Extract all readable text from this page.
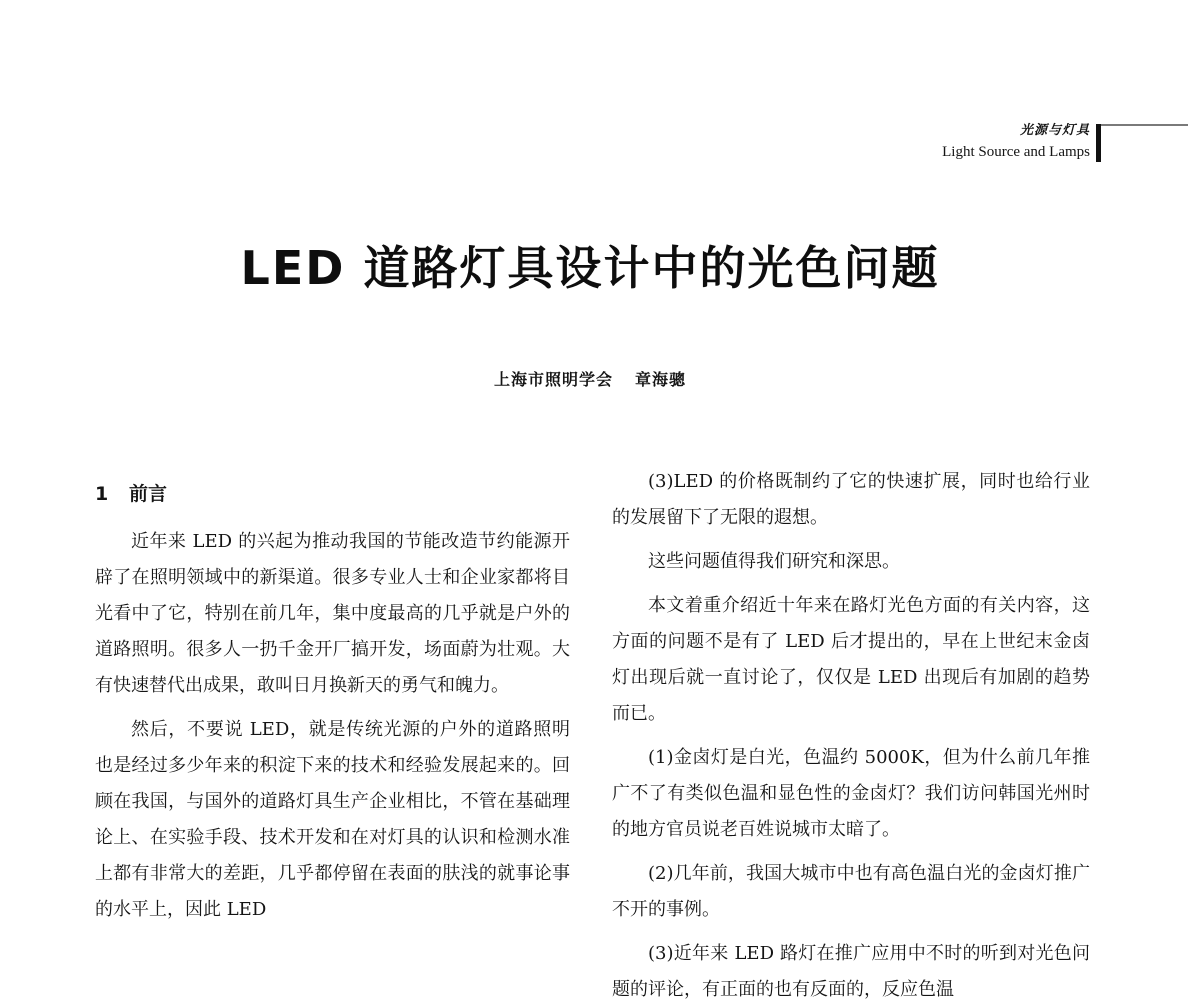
光源与灯具
Light Source and Lamps
LED 道路灯具设计中的光色问题
上海市照明学会 章海骢
1 前言

近年来 LED 的兴起为推动我国的节能改造节约能源开辟了在照明领域中的新渠道。很多专业人士和企业家都将目光看中了它，特别在前几年，集中度最高的几乎就是户外的道路照明。很多人一扔千金开厂搞开发，场面蔚为壮观。大有快速替代出成果，敢叫日月换新天的勇气和魄力。

然后，不要说 LED，就是传统光源的户外的道路照明也是经过多少年来的积淀下来的技术和经验发展起来的。回顾在我国，与国外的道路灯具生产企业相比，不管在基础理论上、在实验手段、技术开发和在对灯具的认识和检测水准上都有非常大的差距，几乎都停留在表面的肤浅的就事论事的水平上，因此 LED

(3)LED 的价格既制约了它的快速扩展，同时也给行业的发展留下了无限的遐想。

这些问题值得我们研究和深思。

本文着重介绍近十年来在路灯光色方面的有关内容，这方面的问题不是有了 LED 后才提出的，早在上世纪末金卤灯出现后就一直讨论了，仅仅是 LED 出现后有加剧的趋势而已。

(1)金卤灯是白光，色温约 5000K，但为什么前几年推广不了有类似色温和显色性的金卤灯？我们访问韩国光州时的地方官员说老百姓说城市太暗了。

(2)几年前，我国大城市中也有高色温白光的金卤灯推广不开的事例。

(3)近年来 LED 路灯在推广应用中不时的听到对光色问题的评论，有正面的也有反面的，反应色温
